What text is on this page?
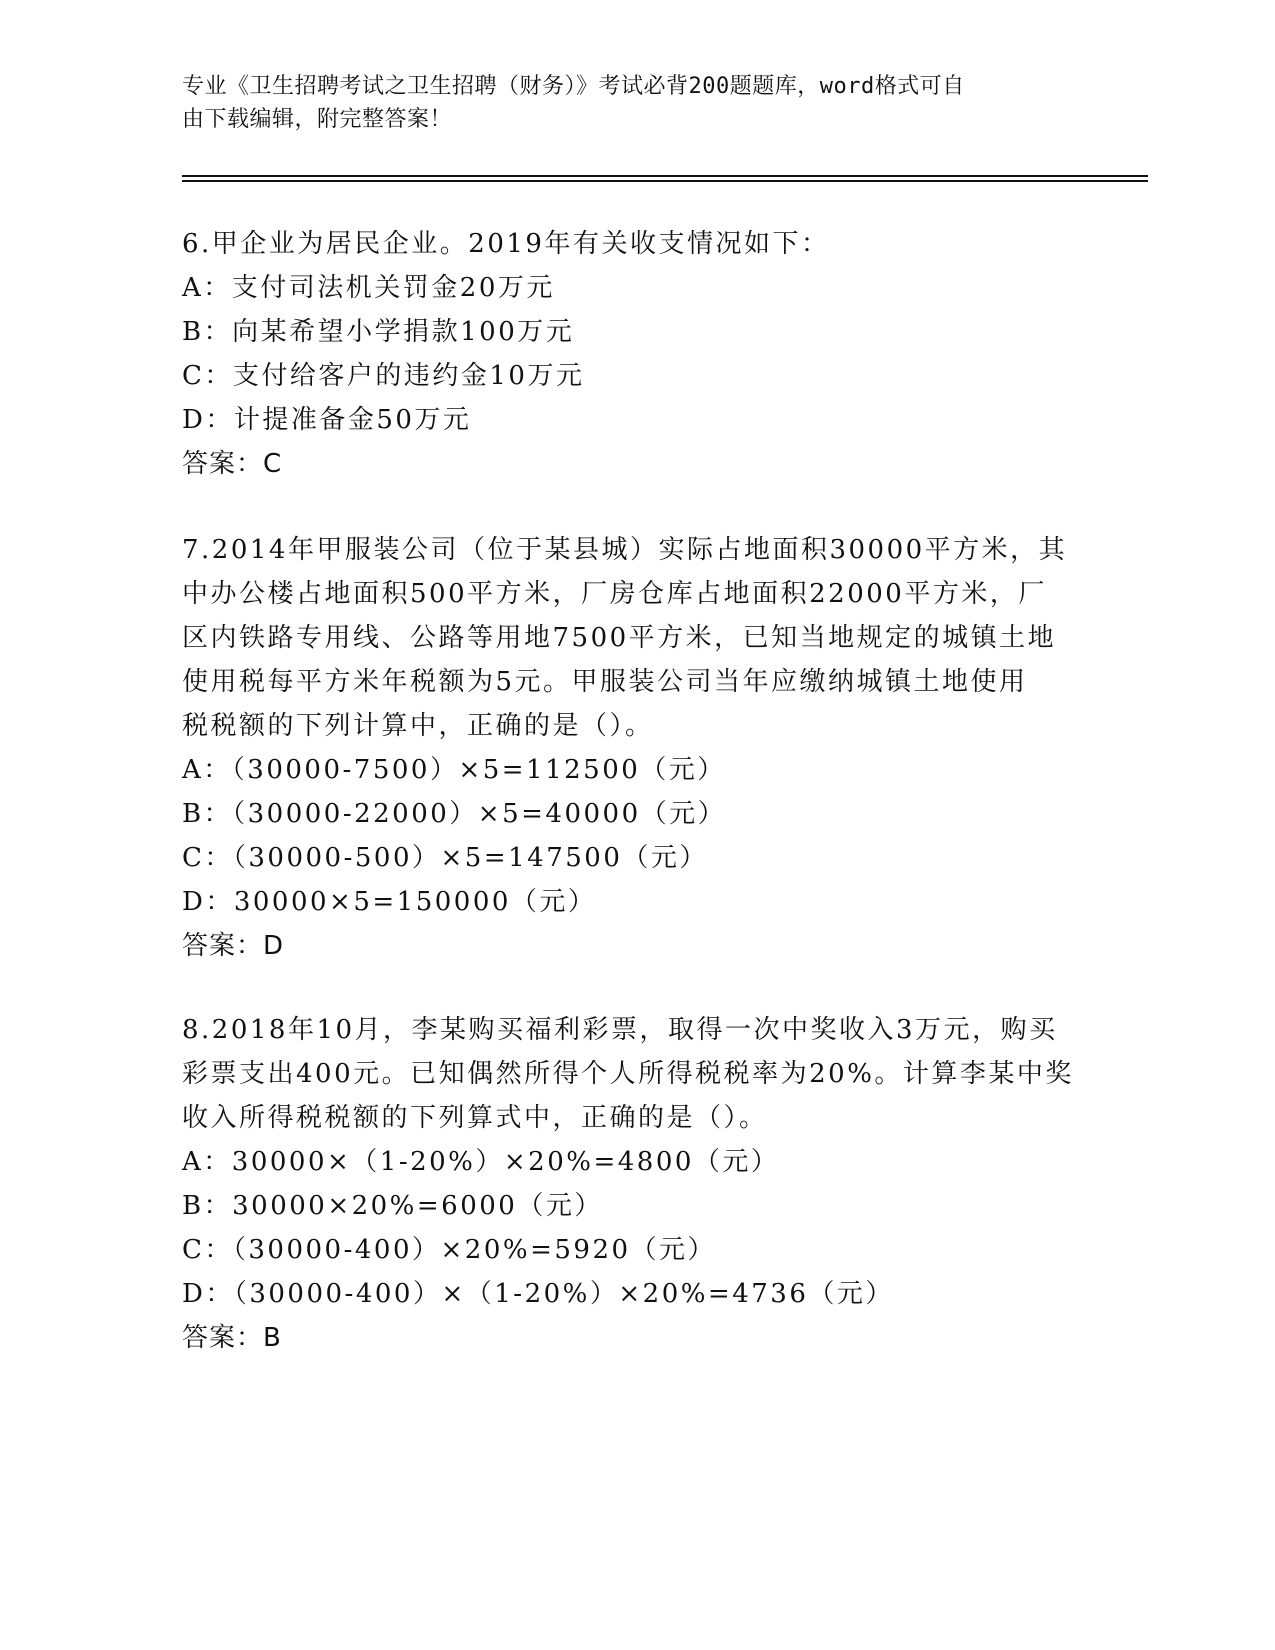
专业《卫生招聘考试之卫生招聘（财务）》考试必背200题题库，word格式可自
由下载编辑，附完整答案！
6.甲企业为居民企业。2019年有关收支情况如下：
A：支付司法机关罚金20万元
B：向某希望小学捐款100万元
C：支付给客户的违约金10万元
D：计提准备金50万元
答案：C
7.2014年甲服装公司（位于某县城）实际占地面积30000平方米，其
中办公楼占地面积500平方米，厂房仓库占地面积22000平方米，厂
区内铁路专用线、公路等用地7500平方米，已知当地规定的城镇土地
使用税每平方米年税额为5元。甲服装公司当年应缴纳城镇土地使用
税税额的下列计算中，正确的是（）。
A：（30000-7500）×5=112500（元）
B：（30000-22000）×5=40000（元）
C：（30000-500）×5=147500（元）
D：30000×5=150000（元）
答案：D
8.2018年10月，李某购买福利彩票，取得一次中奖收入3万元，购买
彩票支出400元。已知偶然所得个人所得税税率为20%。计算李某中奖
收入所得税税额的下列算式中，正确的是（）。
A：30000×（1-20%）×20%=4800（元）
B：30000×20%=6000（元）
C：（30000-400）×20%=5920（元）
D：（30000-400）×（1-20%）×20%=4736（元）
答案：B
